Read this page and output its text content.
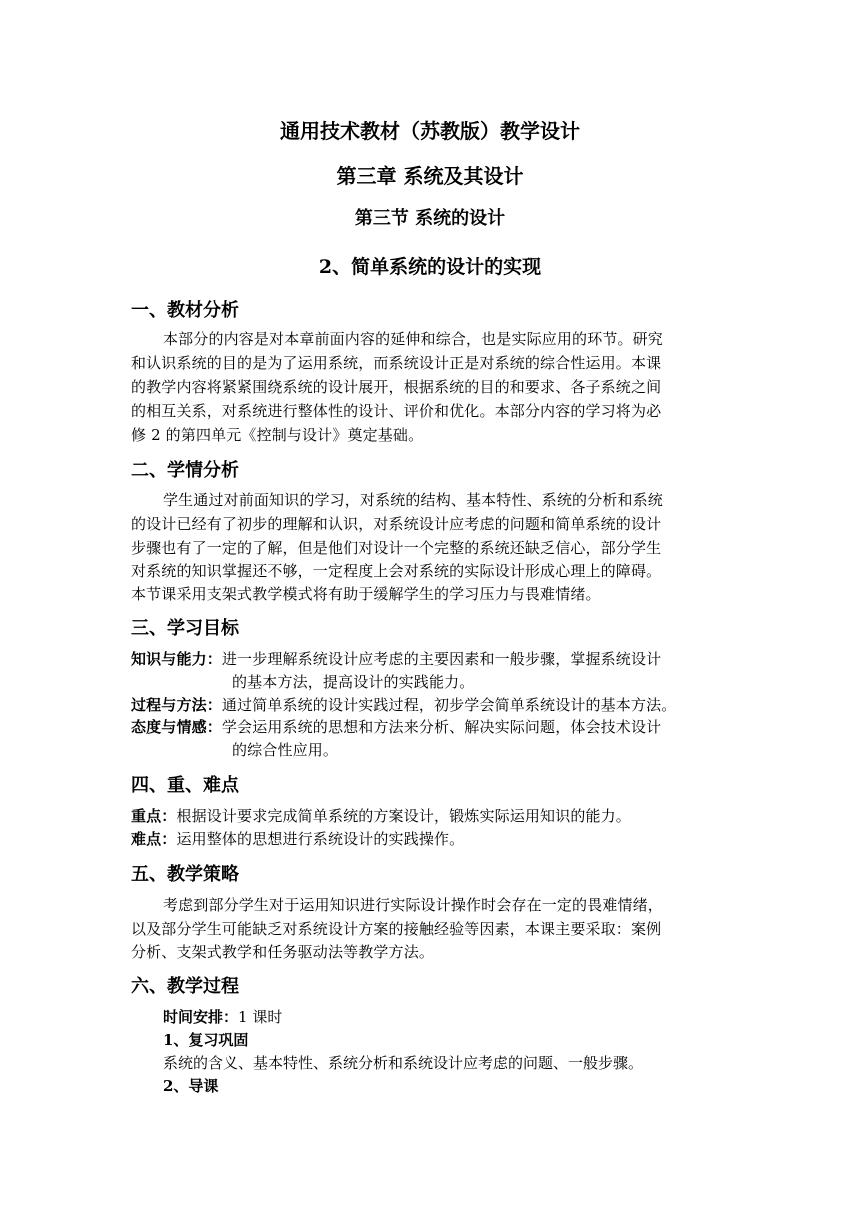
通用技术教材（苏教版）教学设计
第三章 系统及其设计
第三节 系统的设计
2、简单系统的设计的实现
一、教材分析
本部分的内容是对本章前面内容的延伸和综合，也是实际应用的环节。研究
和认识系统的目的是为了运用系统，而系统设计正是对系统的综合性运用。本课
的教学内容将紧紧围绕系统的设计展开，根据系统的目的和要求、各子系统之间
的相互关系，对系统进行整体性的设计、评价和优化。本部分内容的学习将为必
修 2 的第四单元《控制与设计》奠定基础。
二、学情分析
学生通过对前面知识的学习，对系统的结构、基本特性、系统的分析和系统
的设计已经有了初步的理解和认识，对系统设计应考虑的问题和简单系统的设计
步骤也有了一定的了解，但是他们对设计一个完整的系统还缺乏信心，部分学生
对系统的知识掌握还不够，一定程度上会对系统的实际设计形成心理上的障碍。
本节课采用支架式教学模式将有助于缓解学生的学习压力与畏难情绪。
三、学习目标
知识与能力：进一步理解系统设计应考虑的主要因素和一般步骤，掌握系统设计
的基本方法，提高设计的实践能力。
过程与方法：通过简单系统的设计实践过程，初步学会简单系统设计的基本方法。
态度与情感：学会运用系统的思想和方法来分析、解决实际问题，体会技术设计
的综合性应用。
四、重、难点
重点：根据设计要求完成简单系统的方案设计，锻炼实际运用知识的能力。
难点：运用整体的思想进行系统设计的实践操作。
五、教学策略
考虑到部分学生对于运用知识进行实际设计操作时会存在一定的畏难情绪，
以及部分学生可能缺乏对系统设计方案的接触经验等因素，本课主要采取：案例
分析、支架式教学和任务驱动法等教学方法。
六、教学过程
时间安排：1 课时
1、复习巩固
系统的含义、基本特性、系统分析和系统设计应考虑的问题、一般步骤。
2、导课
